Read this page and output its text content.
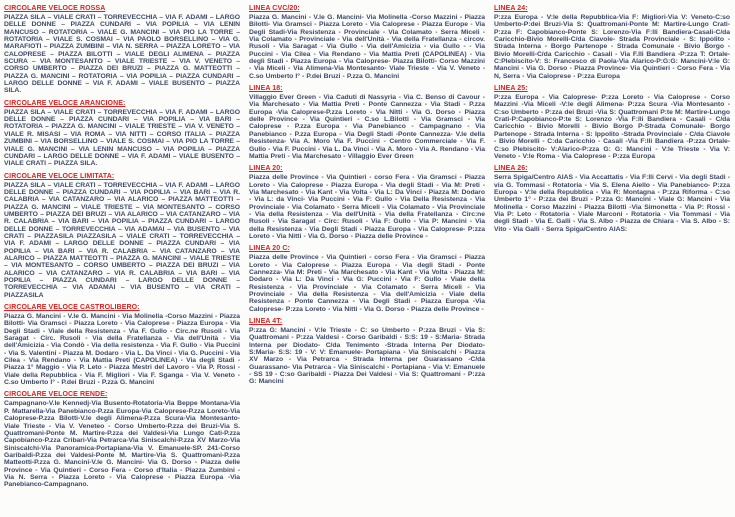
CIRCOLARE VELOCE ROSSA

PIAZZA SILA – VIALE CRATI – TORREVECCHIA – VIA F. ADAMI – LARGO DELLE DONNE – PIAZZA CUNDARI – VIA POPILIA – VIA LENIN MANCUSO – ROTATORIA – VIALE G. MANCINI – VIA PIO LA TORRE – ROTATORIA – VIALE S. COSMAI – VIA PAOLO BORSELLINO – VIA G. MARAFIOTI – PIAZZA ZUMBINI – VIA N. SERRA – PIAZZA LORETO – VIA CALOPRESE – PIAZZA BILOTTI – VIALE DEGLI ALIMENA – PIAZZA SCURA – VIA MONTESANTO – VIALE TRIESTE – VIA V. VENETO – CORSO UMBERTO – PIAZZA DEI BRUZI – PIAZZA G. MATTEOTTI – PIAZZA G. MANCINI – ROTATORIA – VIA POPILIA – PIAZZA CUNDARI – LARGO DELLE DONNE – VIA F. ADAMI – VIALE BUSENTO – PIAZZA SILA.

CIRCOLARE VELOCE ARANCIONE:

PIAZZA SILA – VIALE CRATI – TORREVECCHIA – VIA F. ADAMI – LARGO DELLE DONNE – PIAZZA CUNDARI – VIA POPILIA – VIA BARI – ROTATORIA – PIAZZA G. MANCINI – VIALE TRIESTE – VIA V. VENETO – VIALE R. MISASI – VIA ROMA – VIA NITTI – CORSO ITALIA – PIAZZA ZUMBINI – VIA BORSELLINO – VIALE S. COSMAI – VIA PIO LA TORRE – VIALE G. MANCINI – VIA LENIN MANCUSO – VIA POPILIA – PIAZZA CUNDARI – LARGO DELLE DONNE – VIA F. ADAMI – VIALE BUSENTO – VIALE CRATI – PIAZZA SILA.

CIRCOLARE VELOCE LIMITATA:

PIAZZA SILA – VIALE CRATI – TORREVECCHIA – VIA F. ADAMI – LARGO DELLE DONNE – PIAZZA CUNDARI – VIA POPILIA – VIA BARI – VIA R. CALABRIA – VIA CATANZARO – VIA ALARICO – PIAZZA MATTEOTTI – PIAZZA G. MANCINI – VIALE TRIESTE – VIA MONTESANTO – CORSO UMBERTO – PIAZZA DEI BRUZI – VIA ALARICO – VIA CATANZARO – VIA R. CALABRIA – VIA BARI – VIA POPILIA – PIAZZA CUNDARI – LARGO DELLE DONNE – TORREVECCHIA – VIA ADAMAI – VIA BUSENTO – VIA CRATI – PIAZZASILA PIAZZASILA – VIALE CRATI – TORREVECCHIA – VIA F. ADAMI – LARGO DELLE DONNE – PIAZZA CUNDARI – VIA POPILIA – VIA BARI – VIA R. CALABRIA – VIA CATANZARO – VIA ALARICO – PIAZZA MATTEOTTI – PIAZZA G. MANCINI – VIALE TRIESTE – VIA MONTESANTO – CORSO UMBERTO – PIAZZA DEI BRUZI – VIA ALARICO – VIA CATANZARO – VIA R. CALABRIA – VIA BARI – VIA POPILIA – PIAZZA CUNDARI – LARGO DELLE DONNE – TORREVECCHIA – VIA ADAMAI – VIA BUSENTO – VIA CRATI – PIAZZASILA

CIRCOLARE VELOCE CASTROLIBERO:

Piazza G. Mancini - V.le G. Mancini - Via Molinella -Corso Mazzini - Piazza Bilotti- Via Gramsci - Piazza Loreto - Via Caloprese - Piazza Europa - Via Degli Stadi - Viale della Resistenza - Via F. Gullo - Circ.ne Rusoli - Via Saragat - Circ. Rusoli - Via della Fratellanza - Via dell'Unità - Via dell'Amicizia - Via Condò - Via della resistenza - Via F. Gullo - Via Puccini - Via S. Valentini - Piazza M. Dodaro - Via L. Da Vinci - Via G. Puccini - Via Cilea - Via Rendano - Via Mattia Preti (CAPOLINEA) - Via degli Stadi - Piazza 1° Maggio - Via P. Leto - Piazza Mestri del Lavoro - Via P. Rossi - Viale della Repubblica - Via F. Migliori - Via F. Sganga - Via V. Veneto - C.so Umberto I° - P.dei Bruzi - P.zza G. Mancini

CIRCOLARE VELOCE RENDE:

Campagnano-V.le Kennedj-Via Busento-Rotatoria-Via Beppe Montana-Via P. Mattarella-Via Panebianco-P.zza Europa-Via Caloprese-P.zza Loreto-Via Caloprese-P.zza Bilotti-V.le degli Alimena-P.zza Scura-Via Montesanto-Viale Trieste - Via V. Veneteo - Corso Umberto-P.zza dei Bruzi-Via S. Quattromani-Ponte M. Martire-P.zza dei Valdesi-Via Lungo Cati-P.zza Capobianco-P.zza Cribari-Via Petrarca-Via Siniscalchi-P.zza XV Marzo-Via Siniscalchi-Via Panoramica-Portapiana-Via V. Emanuele-SP. 241-Corso Garibaldi-P.zza dei Valdesi-Ponte M. Martire-Via S. Quattromani-P.zza Matteotti-P.zza G. Mancini-V.le G. Mancini- Via G. Dorso - Piazza delle Province - Via Quintieri - Corso Fera - Corso d'Italia - Piazza Zumbini - Via N. Serra - Piazza Loreto - Via Caloprese - Piazza Europa -Via Panebianco-Campagnano.

LINEA CVC/20:

Piazza G. Mancini - V.le G. Mancini- Via Molinella -Corso Mazzini - Piazza Bilotti- Via Gramsci - Piazza Loreto - Via Caloprese - Piazza Europe - Via Degli Stadi-Via Resistenza - Provinciale - Via Colamato - Serra Miceli - Via Colamato - Provinciale - Via dell'Unità - Via della Fratellanza - circov. Rusoli - Via Saragat - Via Gullo - Via dell'Amicizia - via Gullo - - Via Puccini - Via Cilea - Via Rendano - Via Mattia Preti (CAPOLINEA) - Via degli Stadi - Piazza Europa - Via Caloprese- Piazza Bilotti- Corso Mazzini - Via Miceli - Via Alimena-Via Montesanto- Viale Trieste - Via V. Veneto - C.so Umberto I° - P.dei Bruzi - P.zza G. Mancini

LINEA 18:

Villaggio Ever Green - Via Caduti di Nassyria - Via C. Benso di Cavour - Via Marchesato - Via Mattia Preti - Ponte Cannezza - Via Stadi - P.zza Europa -Via Caloprese-P.zza Loreto - Via Nitti - Via G. Dorso - Piazza delle Province - Via Quintieri - C.so L.Bilotti - Via Gramsci - Via Caloprese - P.zza Europa - Via Panebianco - Campagnano - Via Panebianco - P.zza Europa - Via Degli Stadi -Ponte Cannezza- V.le della Resistenza- Via A. Moro Via F. Puccini - Centro Commerciale - Via F. Gullo - Via F. Puccini - Via L. Da Vinci - Via A. Moro - Via A. Rendano - Via Mattia Preti - Via Marchesato - Villaggio Ever Green

LINEA 20:

Piazza delle Province - Via Quintieri - corso Fera - Via Gramsci - Piazza Loreto - Via Caloprese - Piazza Europa - Via degli Stadi - Via M: Preti - Via Marchesato - Via Kant - Via Volta - Via L: Da Vinci - Piazza M: Dodaro - Via L: da Vinci- Via Puccini - Via F: Gullo - Via Della Resistenza - Via Provinciale - Via Colamato - Serra Miceli - Via Colamato - Via Provinciale - Via della Resistenza - Via dell'Unità - Via della Fratellanza - Circ:ne Rusoli - Via Saragat - Circ: Rusoli - Via F: Gullo - Via P: Mancini - Via della Resistenza - Via Degli Stadi - Piazza Europa - Via Caloprese- P:zza Loreto - Via Nitti - Via G. Dorso - Piazza delle Province -

LINEA 20 C:

Piazza delle Province - Via Quintieri - corso Fera - Via Gramsci - Piazza Loreto - Via Caloprese - Piazza Europa - Via degli Stadi - Ponte Cannezza- Via M: Preti - Via Marchesato - Via Kant - Via Volta - Piazza M: Dodaro - Via L: Da Vinci - Via G: Puccini - Via F: Gullo - Viale della Resistenza - Via Provinciale - Via Colamato - Serra Miceli - Via Provinciale - Via della Resistenza - Via dell'Amicizia - Viale della Resistenza - Ponte Cannezza - Via Degli Stadi - Piazza Europa -Via Caloprese- P:zza Loreto - Via Nitti - Via G. Dorso - Piazza delle Province -

LINEA 4T:

P:zza G: Mancini - V:le Trieste - C: so Umberto - P:zza Bruzi - Via S: Quattromani - P:zza Valdesi - Corso Garibaldi - S:S: 19 - S:Maria- Strada Interna per Diodato- C/da Tenimento -Strada Interna Per Diodato- S:Maria- S:S: 19 - V: V: Emanuele- Portapiana - Via Siniscalchi - Piazza XV Marzo - Via Petrarca - Strada Interna per Guarassano -C/da Guarassano- Via Petrarca - Via Siniscalchi - Portapiana - Via V: Emanuele - SS 19 - C:so Garibaldi - Piazza Dei Valdesi - Via S: Quattromani - P:zza G: Mancini

LINEA 24:

P:zza Europa - V:le della Repubblica-Via F: Migliori-Via V: Veneto-C:so Umberto-P:dei Bruzi-Via S: Quattromani-Ponte M: Martire-Lungo Crati-P:zza F: Capobianco-Ponte S: Lorenzo-Via F:lli Bandiera-Casali-C/da Caricchio-Bivio Morelli-C/da Ciavole- Strada Provinciale - S: Ippolito - Strada Interna - Borgo Partenope - Strada Comunale - Bivio Borgo - Bivio Morelli-C/da Caricchio - Casali - Via F.lli Bandiera -P:zza T: Ortale-C:Plebiscito-V: S: Francesco di Paola-Via Alarico-P:G:G: Mancini-V:le G: Mancini - Via G. Dorso - Piazza Province- Via Quintieri - Corso Fera - Via N, Serra - Via Caloprese - P:zza Europa

LINEA 25:

P:zza Europa - Via Caloprese- P:zza Loreto - Via Caloprese - Corso Mazzini -Via Miceli -V:le degli Alimena- P:zza Scura -Via Montesanto - C:so Umberto - P:zza dei Bruzi -Via S: Quattromani P:te M: Martire-Lungo Crati-P:Capobianco-P:te S: Lorenzo -Via F:lli Bandiera - Casali - C/da Caricchio - Bivio Morelli - Bivio Borgo P-Strada Comunale- Borgo Partenope - Strada Interna - S: Ippolito -Strada Provinciale - C/da Ciavole - Bivio Morelli - C:da Caricchio - Casali -Via F:lli Bandiera -P:zza Ortale- C:so Plebiscito- V:Alarico-P:zza G: G: Mancini - V:le Trieste - Via V: Veneto - V:le Roma - Via Caloprese - P:zza Europa

LINEA 26:

Serra Spiga/Centro AIAS - Via Accattatis - Via F:lli Cervi - Via degli Stadi - via G. Tommasi - Rotatoria - Via S. Elena Aiello - Via Panebianco- P:zza Europa - V:le della Repubblica - Via R: Montagna - P:zza Riforma - C:so Umberto 1° - P:zza dei Bruzi - P:zza G: Mancini - Viale G: Mancini - Via Molinella - Corso Mazzini - Piazza Bilotti -Via Simonetta - Via P: Rossi - Via P: Leto - Rotatoria - Viale Marconi - Rotatoria - Via Tommasi - Via degli Stadi - Via E. Galli - Via S. Albo - Piazza de Chiara - Via S. Albo - S: Vito - Via Galli - Serra Spiga/Centro AIAS:
